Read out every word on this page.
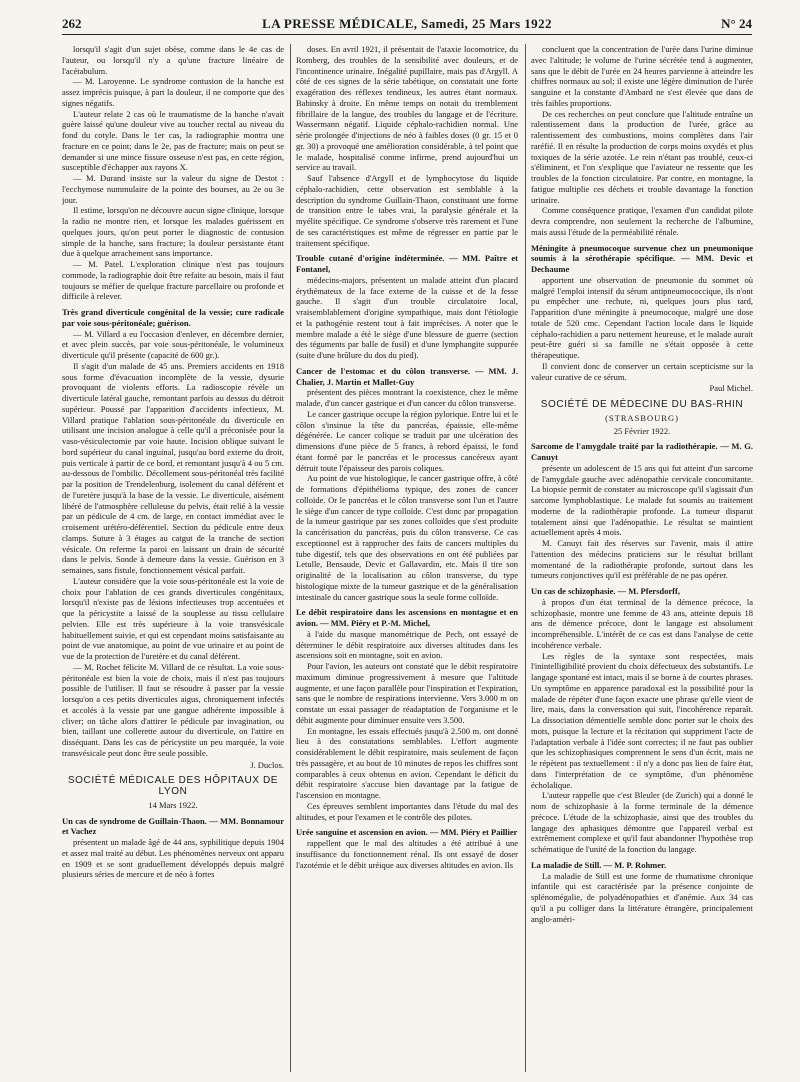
262	LA PRESSE MÉDICALE, Samedi, 25 Mars 1922	N° 24

lorsqu'il s'agit d'un sujet obèse, comme dans le 4e cas de l'auteur, ou lorsqu'il n'y a qu'une fracture linéaire de l'acétabulum.

— M. Laroyenne. Le syndrome contusion de la hanche est assez imprécis puisque, à part la douleur, il ne comporte que des signes négatifs.

L'auteur relate 2 cas où le traumatisme de la hanche n'avait guère laissé qu'une douleur vive au toucher rectal au niveau du fond du cotyle. Dans le 1er cas, la radiographie montra une fracture en ce point; dans le 2e, pas de fracture; mais on peut se demander si une mince fissure osseuse n'est pas, en cette région, susceptible d'échapper aux rayons X.

— M. Durand insiste sur la valeur du signe de Destot : l'ecchymose nummulaire de la pointe des bourses, au 2e ou 3e jour.

Il estime, lorsqu'on ne découvre aucun signe clinique, lorsque la radio ne montre rien, et lorsque les malades guérissent en quelques jours, qu'on peut porter le diagnostic de contusion simple de la hanche, sans fracture; la douleur persistante étant due à quelque arrachement sans importance.

— M. Patel. L'exploration clinique n'est pas toujours commode, la radiographie doit être refaite au besoin, mais il faut toujours se méfier de quelque fracture parcellaire ou profonde et difficile à relever.

Très grand diverticule congénital de la vessie; cure radicale par voie sous-péritonéale; guérison.

— M. Villard a eu l'occasion d'enlever, en décembre dernier, et avec plein succès, par voie sous-péritonéale, le volumineux diverticule qu'il présente (capacité de 600 gr.).

Il s'agit d'un malade de 45 ans. Premiers accidents en 1918 sous forme d'évacuation incomplète de la vessie, dysurie provoquant de violents efforts. La radioscopie révèle un diverticule latéral gauche, remontant parfois au dessus du détroit supérieur. Poussé par l'apparition d'accidents infectieux, M. Villard pratique l'ablation sous-péritonéale du diverticule en utilisant une incision analogue à celle qu'il a préconisée pour la vaso-vésiculectomie par voie haute. Incision oblique suivant le bord supérieur du canal inguinal, jusqu'au bord externe du droit, puis verticale à partir de ce bord, et remontant jusqu'à 4 ou 5 cm. au-dessous de l'ombilic. Décollement sous-péritonéal très facilité par la position de Trendelenburg, isolement du canal déférent et de l'uretère jusqu'à la base de la vessie. Le diverticule, aisément libéré de l'atmosphère celluleuse du pelvis, était relié à la vessie par un pédicule de 4 cm. de large, en contact immédiat avec le croisement urétéro-déférentiel. Section du pédicule entre deux clamps. Suture à 3 étages au catgut de la tranche de section vésicale. On referme la paroi en laissant un drain de sécurité dans le pelvis. Sonde à demeure dans la vessie. Guérison en 3 semaines, sans fistule, fonctionnement vésical parfait.

L'auteur considère que la voie sous-péritonéale est la voie de choix pour l'ablation de ces grands diverticules congénitaux, lorsqu'il n'existe pas de lésions infectieuses trop accentuées et que la péricystite a laissé de la souplesse au tissu cellulaire pelvien. Elle est très supérieure à la voie transvésicale habituellement suivie, et qui est cependant moins satisfaisante au point de vue anatomique, au point de vue urinaire et au point de vue de la protection de l'uretère et du canal déférent.

— M. Rochet félicite M. Villard de ce résultat. La voie sous-péritonéale est bien la voie de choix, mais il n'est pas toujours possible de l'utiliser. Il faut se résoudre à passer par la vessie lorsqu'on a ces petits diverticules aigus, chroniquement infectés et accolés à la vessie par une gangue adhérente impossible à cliver; on tâche alors d'attirer le pédicule par invagination, ou bien, taillant une collerette autour du diverticule, on l'attire en disséquant. Dans les cas de péricystite un peu marquée, la voie transvésicale peut donc être seule possible.

J. Duclos.
SOCIÉTÉ MÉDICALE DES HÔPITAUX DE LYON
14 Mars 1922.

Un cas de syndrome de Guillain-Thaon. — MM. Bonnamour et Vachez

présentent un malade âgé de 44 ans, syphilitique depuis 1904 et assez mal traité au début. Les phénomènes nerveux ont apparu en 1909 et se sont graduellement développés depuis malgré plusieurs séries de mercure et de néo à fortes

doses. En avril 1921, il présentait de l'ataxie locomotrice, du Romberg, des troubles de la sensibilité avec douleurs, et de l'incontinence urinaire. Inégalité pupillaire, mais pas d'Argyll. A côté de ces signes de la série tabétique, on constatait une forte exagération des réflexes tendineux, les autres étant normaux. Babinsky à droite. En même temps on notait du tremblement fibrillaire de la langue, des troubles du langage et de l'écriture. Wassermann négatif. Liquide céphalo-rachidien normal. Une série prolongée d'injections de néo à faibles doses (0 gr. 15 et 0 gr. 30) a provoqué une amélioration considérable, à tel point que le malade, hospitalisé comme infirme, prend aujourd'hui un service au travail.

Sauf l'absence d'Argyll et de lymphocytose du liquide céphalo-rachidien, cette observation est semblable à la description du syndrome Guillain-Thaon, constituant une forme de transition entre le tabes vrai, la paralysie générale et la myélite spécifique. Ce syndrome s'observe très rarement et l'une de ses caractéristiques est même de régresser en partie par le traitement spécifique.

Trouble cutané d'origine indéterminée. — MM. Paître et Fontanel,

médecins-majors, présentent un malade atteint d'un placard érythémateux de la face externe de la cuisse et de la fesse gauche. Il s'agit d'un trouble circulatoire local, vraisemblablement d'origine sympathique, mais dont l'étiologie et la pathogénie restent tout à fait imprécises. A noter que le membre malade a été le siège d'une blessure de guerre (section des téguments par balle de fusil) et d'une lymphangite suppurée (suite d'une brûlure du dos du pied).

Cancer de l'estomac et du côlon transverse. — MM. J. Chalier, J. Martin et Mallet-Guy

présentent des pièces montrant la coexistence, chez le même malade, d'un cancer gastrique et d'un cancer du côlon transverse.

Le cancer gastrique occupe la région pylorique. Entre lui et le côlon s'insinue la tête du pancréas, épaissie, elle-même dégénérée. Le cancer colique se traduit par une ulcération des dimensions d'une pièce de 5 francs, à rebord épaissi, le fond étant formé par le pancréas et le processus cancéreux ayant détruit toute l'épaisseur des parois coliques.

Au point de vue histologique, le cancer gastrique offre, à côté de formations d'épithélioma typique, des zones de cancer colloïde. Or le pancréas et le côlon transverse sont l'un et l'autre le siège d'un cancer de type colloïde. C'est donc par propagation de la tumeur gastrique par ses zones colloïdes que s'est produite la cancérisation du pancréas, puis du côlon transverse. Ce cas exceptionnel est à rapprocher des faits de cancers multiples du tube digestif, tels que des observations en ont été publiées par Letulle, Bensaude, Devic et Gallavardin, etc. Mais il tire son originalité de la localisation au côlon transverse, du type histologique mixte de la tumeur gastrique et de la généralisation intestinale du cancer gastrique sous la seule forme colloïde.

Le débit respiratoire dans les ascensions en montagne et en avion. — MM. Piéry et P.-M. Michel,

à l'aide du masque manométrique de Pech, ont essayé de déterminer le débit respiratoire aux diverses altitudes dans les ascensions soit en montagne, soit en avion.

Pour l'avion, les auteurs ont constaté que le débit respiratoire maximum diminue progressivement à mesure que l'altitude augmente, et une façon parallèle pour l'inspiration et l'expiration, sans que le nombre de respirations intervienne. Vers 3.000 m on constate un essai passager de réadaptation de l'organisme et le débit augmente pour diminuer ensuite vers 3.500.

En montagne, les essais effectués jusqu'à 2.500 m. ont donné lieu à des constatations semblables. L'effort augmente considérablement le débit respiratoire, mais seulement de façon très passagère, et au bout de 10 minutes de repos les chiffres sont comparables à ceux obtenus en avion. Cependant le déficit du débit respiratoire s'accuse bien davantage par la fatigue de l'ascension en montagne.

Ces épreuves semblent importantes dans l'étude du mal des altitudes, et pour l'examen et le contrôle des pilotes.

Urée sanguine et ascension en avion. — MM. Piéry et Paillier

rappellent que le mal des altitudes a été attribué à une insuffisance du fonctionnement rénal. Ils ont essayé de doser l'azotémie et le débit uréique aux diverses altitudes en avion. Ils

concluent que la concentration de l'urée dans l'urine diminue avec l'altitude; le volume de l'urine sécrétée tend à augmenter, sans que le débit de l'urée en 24 heures parvienne à atteindre les chiffres normaux au sol; il existe une légère diminution de l'urée sanguine et la constante d'Ambard ne s'est élevée que dans de très faibles proportions.

De ces recherches on peut conclure que l'altitude entraîne un ralentissement dans la production de l'urée, grâce au ralentissement des combustions, moins complètes dans l'air raréfié. Il en résulte la production de corps moins oxydés et plus toxiques de la série azotée. Le rein n'étant pas troublé, ceux-ci s'éliminent, et l'on s'explique que l'aviateur ne ressente que les troubles de la fonction circulatoire. Par contre, en montagne, la fatigue multiplie ces déchets et trouble davantage la fonction urinaire.

Comme conséquence pratique, l'examen d'un candidat pilote devra comprendre, non seulement la recherche de l'albumine, mais aussi l'étude de la perméabilité rénale.

Méningite à pneumocoque survenue chez un pneumonique soumis à la sérothérapie spécifique. — MM. Devic et Dechaume

apportent une observation de pneumonie du sommet où malgré l'emploi intensif du sérum antipneumococcique, ils n'ont pu empêcher une rechute, ni, quelques jours plus tard, l'apparition d'une méningite à pneumocoque, malgré une dose totale de 520 cmc. Cependant l'action locale dans le liquide céphalo-rachidien a paru nettement heureuse, et le malade aurait peut-être guéri si sa famille ne s'était opposée à cette thérapeutique.

Il convient donc de conserver un certain scepticisme sur la valeur curative de ce sérum.

Paul Michel.
SOCIÉTÉ DE MÉDECINE DU BAS-RHIN
(STRASBOURG)
25 Février 1922.

Sarcome de l'amygdale traité par la radiothérapie. — M. G. Canuyt

présente un adolescent de 15 ans qui fut atteint d'un sarcome de l'amygdale gauche avec adénopathie cervicale concomitante. La biopsie permit de constater au microscope qu'il s'agissait d'un sarcome lymphoblastique. Le malade fut soumis au traitement moderne de la radiothérapie profonde. La tumeur disparut totalement ainsi que l'adénopathie. Le résultat se maintient actuellement après 4 mois.

M. Canuyt fait des réserves sur l'avenir, mais il attire l'attention des médecins praticiens sur le résultat brillant momentané de la radiothérapie profonde, surtout dans les tumeurs conjonctives qu'il est préférable de ne pas opérer.

Un cas de schizophasie. — M. Pfersdorff,

à propos d'un état terminal de la démence précoce, la schizophasie, montre une femme de 43 ans, atteinte depuis 18 ans de démence précoce, dont le langage est absolument incompréhensible. L'intérêt de ce cas est dans l'analyse de cette incohérence verbale.

Les règles de la syntaxe sont respectées, mais l'inintelligibilité provient du choix défectueux des substantifs. Le langage spontané est intact, mais il se borne à de courtes phrases. Un symptôme en apparence paradoxal est la possibilité pour la malade de répéter d'une façon exacte une phrase qu'elle vient de lire, mais, dans la conversation qui suit, l'incohérence reparaît. La dissociation démentielle semble donc porter sur le choix des mots, puisque la lecture et la récitation qui suppriment l'acte de l'adaptation verbale à l'idée sont correctes; il ne faut pas oublier que les schizophasiques comprennent le sens d'un écrit, mais ne le répètent pas textuellement : il n'y a donc pas lieu de faire état, dans l'interprétation de ce symptôme, d'un phénomène écholalique.

L'auteur rappelle que c'est Bleuler (de Zurich) qui a donné le nom de schizophasie à la forme terminale de la démence précoce. L'étude de la schizophasie, ainsi que des troubles du langage des aphasiques démontre que l'appareil verbal est extrêmement complexe et qu'il faut abandonner l'hypothèse trop schématique de l'unité de la fonction du langage.

La maladie de Still. — M. P. Rohmer.

La maladie de Still est une forme de rhumatisme chronique infantile qui est caractérisée par la présence conjointe de splénomégalie, de polyadénopathies et d'anémie. Aux 34 cas qu'il a pu colliger dans la littérature étrangère, principalement anglo-améri-
